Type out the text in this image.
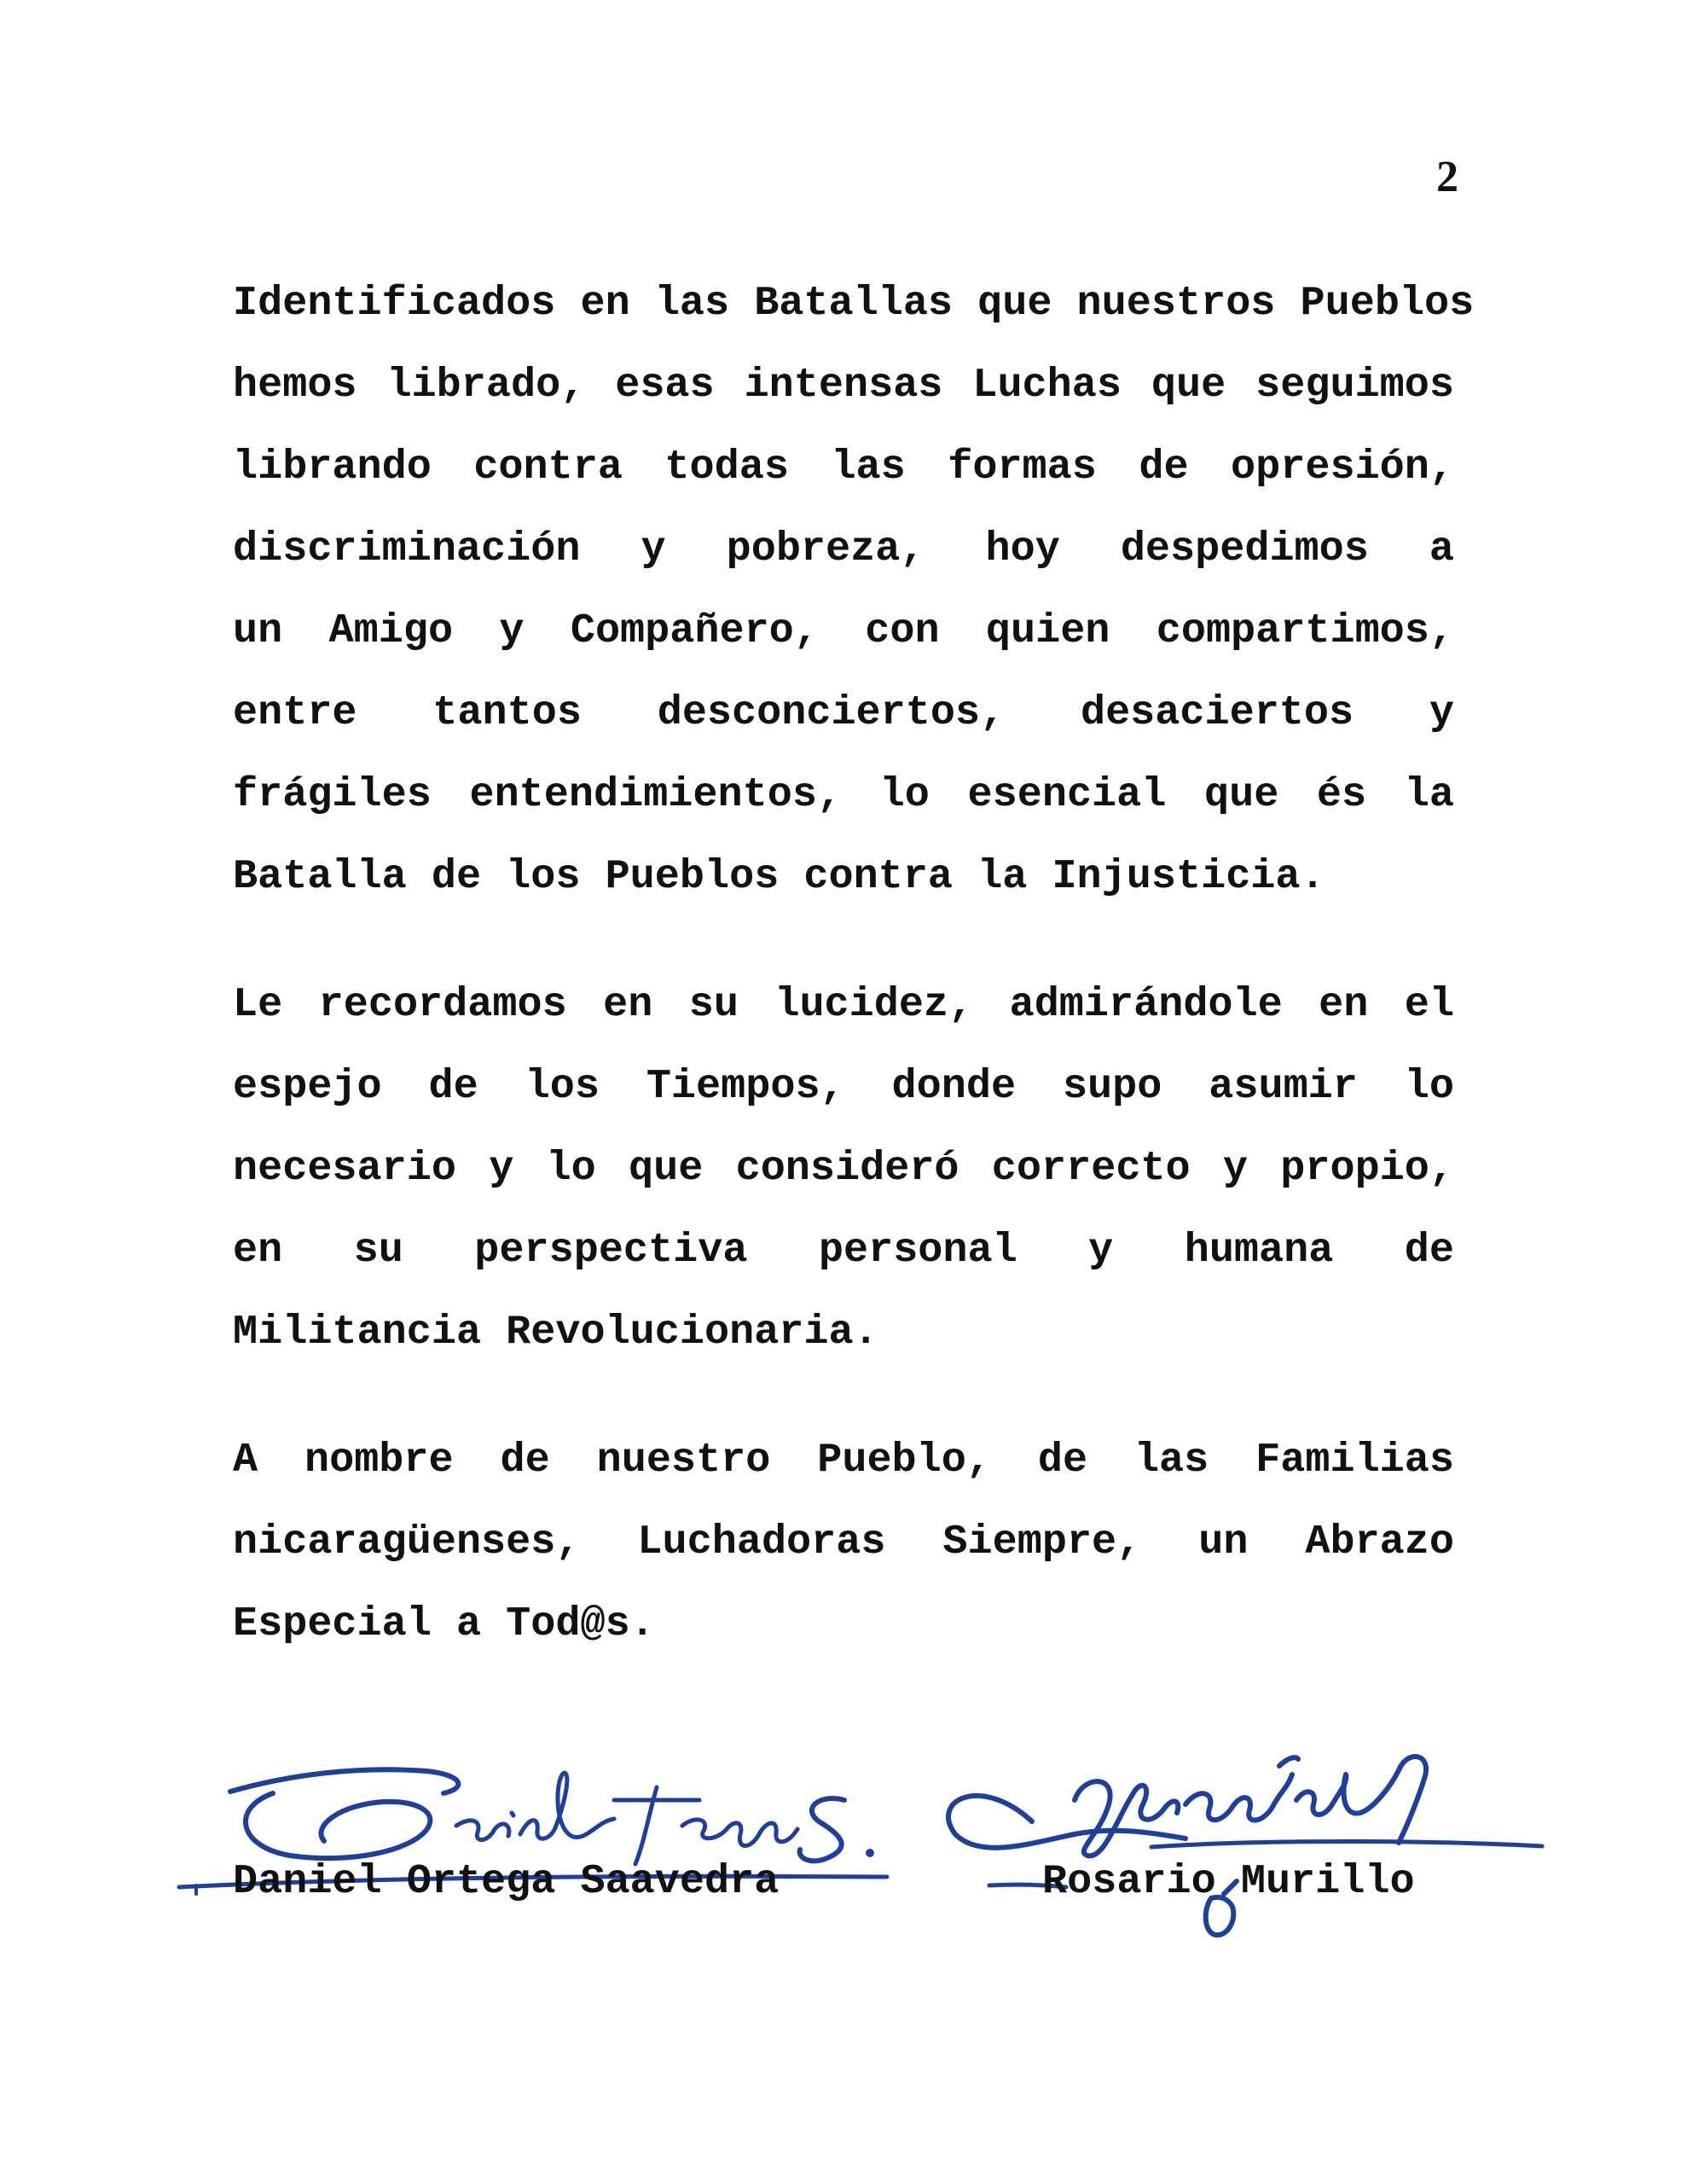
2
Identificados en las Batallas que nuestros Pueblos
hemos librado, esas intensas Luchas que seguimos
librando contra todas las formas de opresión,
discriminación y pobreza, hoy despedimos a
un Amigo y Compañero, con quien compartimos,
entre tantos desconciertos, desaciertos y
frágiles entendimientos, lo esencial que és la
Batalla de los Pueblos contra la Injusticia.
Le recordamos en su lucidez, admirándole en el
espejo de los Tiempos, donde supo asumir lo
necesario y lo que consideró correcto y propio,
en su perspectiva personal y humana de
Militancia Revolucionaria.
A nombre de nuestro Pueblo, de las Familias
nicaragüenses, Luchadoras Siempre, un Abrazo
Especial a Tod@s.
Daniel Ortega Saavedra	Rosario Murillo
